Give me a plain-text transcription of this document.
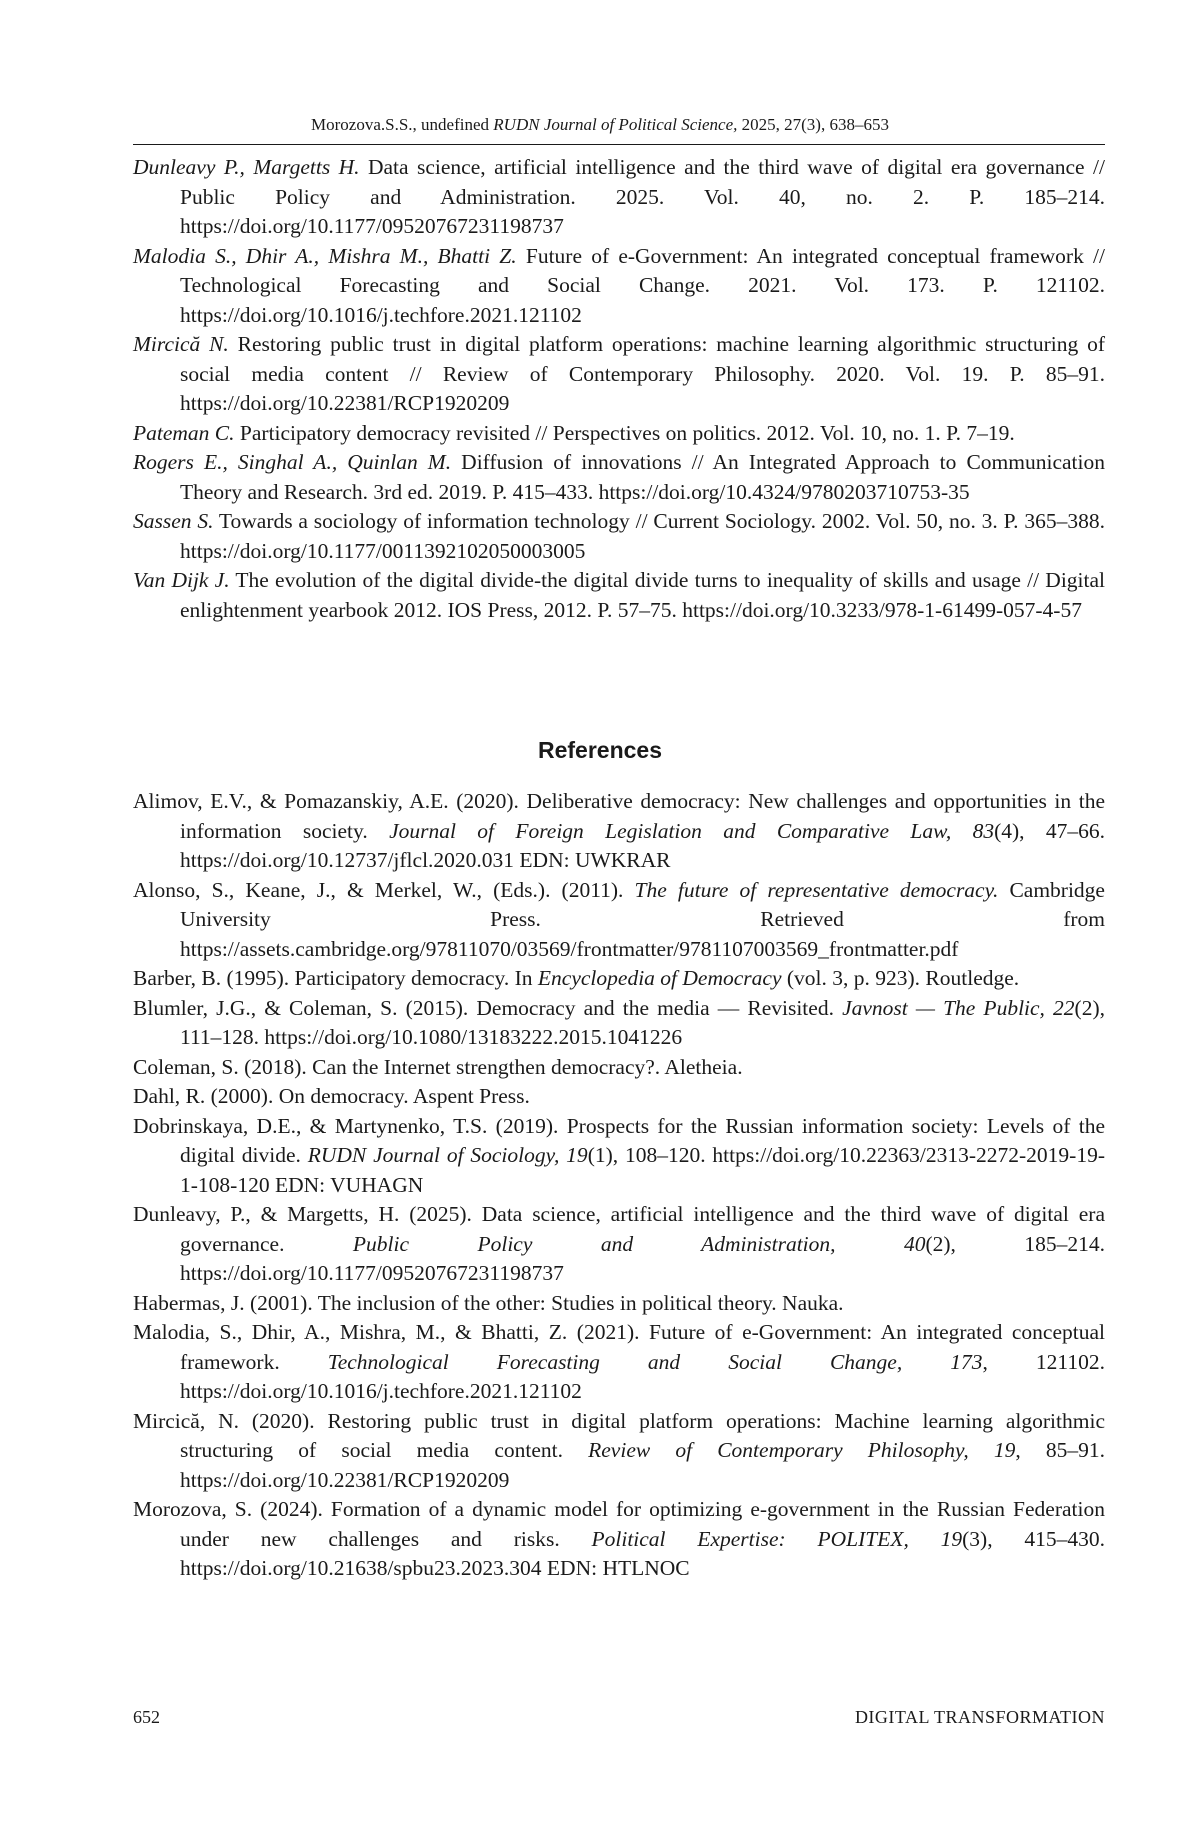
Morozova.S.S., undefined RUDN Journal of Political Science, 2025, 27(3), 638–653

Dunleavy P., Margetts H. Data science, artificial intelligence and the third wave of digital era governance // Public Policy and Administration. 2025. Vol. 40, no. 2. P. 185–214. https://doi.org/10.1177/09520767231198737

Malodia S., Dhir A., Mishra M., Bhatti Z. Future of e-Government: An integrated conceptual framework // Technological Forecasting and Social Change. 2021. Vol. 173. P. 121102. https://doi.org/10.1016/j.techfore.2021.121102

Mircică N. Restoring public trust in digital platform operations: machine learning algorithmic structuring of social media content // Review of Contemporary Philosophy. 2020. Vol. 19. P. 85–91. https://doi.org/10.22381/RCP1920209

Pateman C. Participatory democracy revisited // Perspectives on politics. 2012. Vol. 10, no. 1. P. 7–19.

Rogers E., Singhal A., Quinlan M. Diffusion of innovations // An Integrated Approach to Communication Theory and Research. 3rd ed. 2019. P. 415–433. https://doi.org/10.4324/9780203710753-35

Sassen S. Towards a sociology of information technology // Current Sociology. 2002. Vol. 50, no. 3. P. 365–388. https://doi.org/10.1177/0011392102050003005

Van Dijk J. The evolution of the digital divide-the digital divide turns to inequality of skills and usage // Digital enlightenment yearbook 2012. IOS Press, 2012. P. 57–75. https://doi.org/10.3233/978-1-61499-057-4-57

References

Alimov, E.V., & Pomazanskiy, A.E. (2020). Deliberative democracy: New challenges and opportunities in the information society. Journal of Foreign Legislation and Comparative Law, 83(4), 47–66. https://doi.org/10.12737/jflcl.2020.031 EDN: UWKRAR

Alonso, S., Keane, J., & Merkel, W., (Eds.). (2011). The future of representative democracy. Cambridge University Press. Retrieved from https://assets.cambridge.org/97811070/03569/frontmatter/9781107003569_frontmatter.pdf

Barber, B. (1995). Participatory democracy. In Encyclopedia of Democracy (vol. 3, p. 923). Routledge.

Blumler, J.G., & Coleman, S. (2015). Democracy and the media — Revisited. Javnost — The Public, 22(2), 111–128. https://doi.org/10.1080/13183222.2015.1041226

Coleman, S. (2018). Can the Internet strengthen democracy?. Aletheia.

Dahl, R. (2000). On democracy. Aspent Press.

Dobrinskaya, D.E., & Martynenko, T.S. (2019). Prospects for the Russian information society: Levels of the digital divide. RUDN Journal of Sociology, 19(1), 108–120. https://doi.org/10.22363/2313-2272-2019-19-1-108-120 EDN: VUHAGN

Dunleavy, P., & Margetts, H. (2025). Data science, artificial intelligence and the third wave of digital era governance. Public Policy and Administration, 40(2), 185–214. https://doi.org/10.1177/09520767231198737

Habermas, J. (2001). The inclusion of the other: Studies in political theory. Nauka.

Malodia, S., Dhir, A., Mishra, M., & Bhatti, Z. (2021). Future of e-Government: An integrated conceptual framework. Technological Forecasting and Social Change, 173, 121102. https://doi.org/10.1016/j.techfore.2021.121102

Mircică, N. (2020). Restoring public trust in digital platform operations: Machine learning algorithmic structuring of social media content. Review of Contemporary Philosophy, 19, 85–91. https://doi.org/10.22381/RCP1920209

Morozova, S. (2024). Formation of a dynamic model for optimizing e-government in the Russian Federation under new challenges and risks. Political Expertise: POLITEX, 19(3), 415–430. https://doi.org/10.21638/spbu23.2023.304 EDN: HTLNOC

652	DIGITAL TRANSFORMATION
